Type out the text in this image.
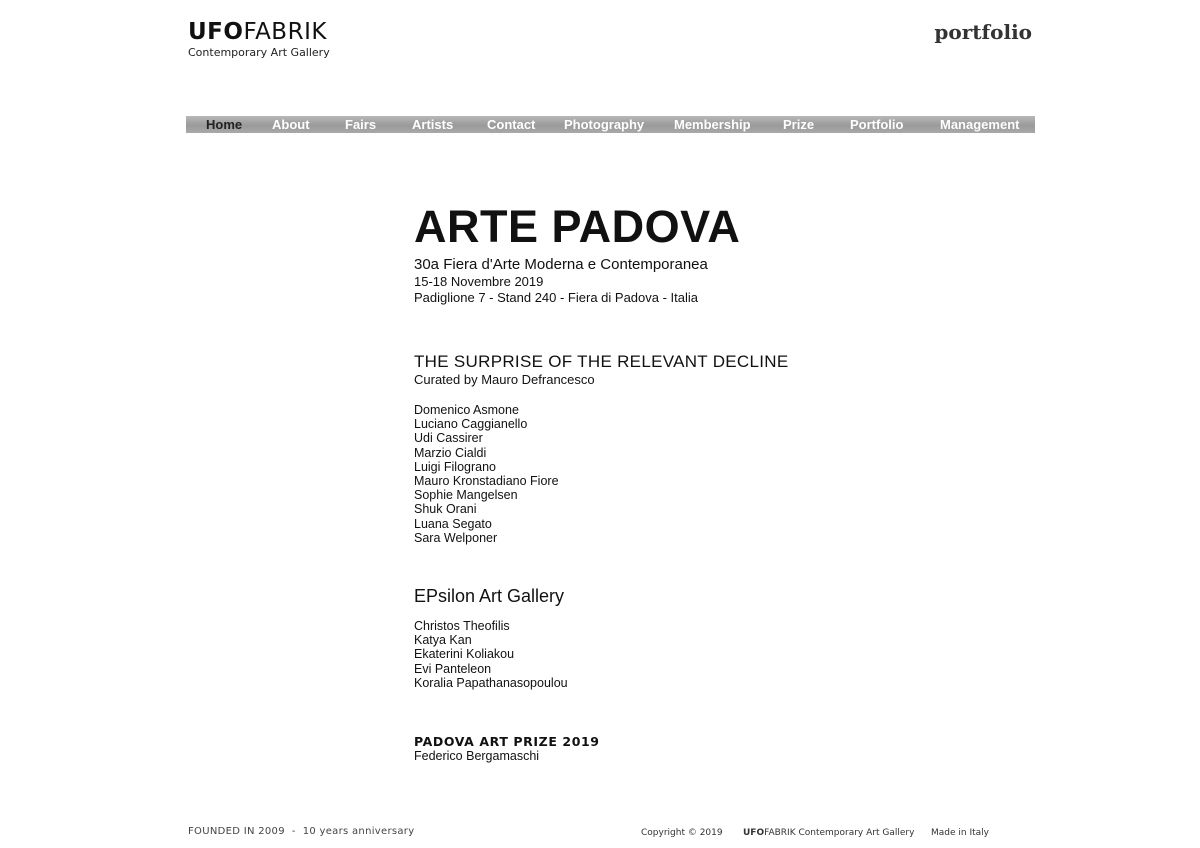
UFOFABRIK
Contemporary Art Gallery
portfolio
Home About	Fairs	Artists	Contact Photography Membership Prize	Portfolio	Management
ARTE PADOVA
30a Fiera d'Arte Moderna e Contemporanea
15-18 Novembre 2019
Padiglione 7 - Stand 240 - Fiera di Padova - Italia
THE SURPRISE OF THE RELEVANT DECLINE
Curated by Mauro Defrancesco
Domenico Asmone
Luciano Caggianello
Udi Cassirer
Marzio Cialdi
Luigi Filograno
Mauro Kronstadiano Fiore
Sophie Mangelsen
Shuk Orani
Luana Segato
Sara Welponer
EPsilon Art Gallery
Christos Theofilis
Katya Kan
Ekaterini Koliakou
Evi Panteleon
Koralia Papathanasopoulou
PADOVA ART PRIZE 2019
Federico Bergamaschi
FOUNDED IN 2009  -  10 years anniversary	Copyright © 2019 UFOFABRIK Contemporary Art Gallery Made in Italy
